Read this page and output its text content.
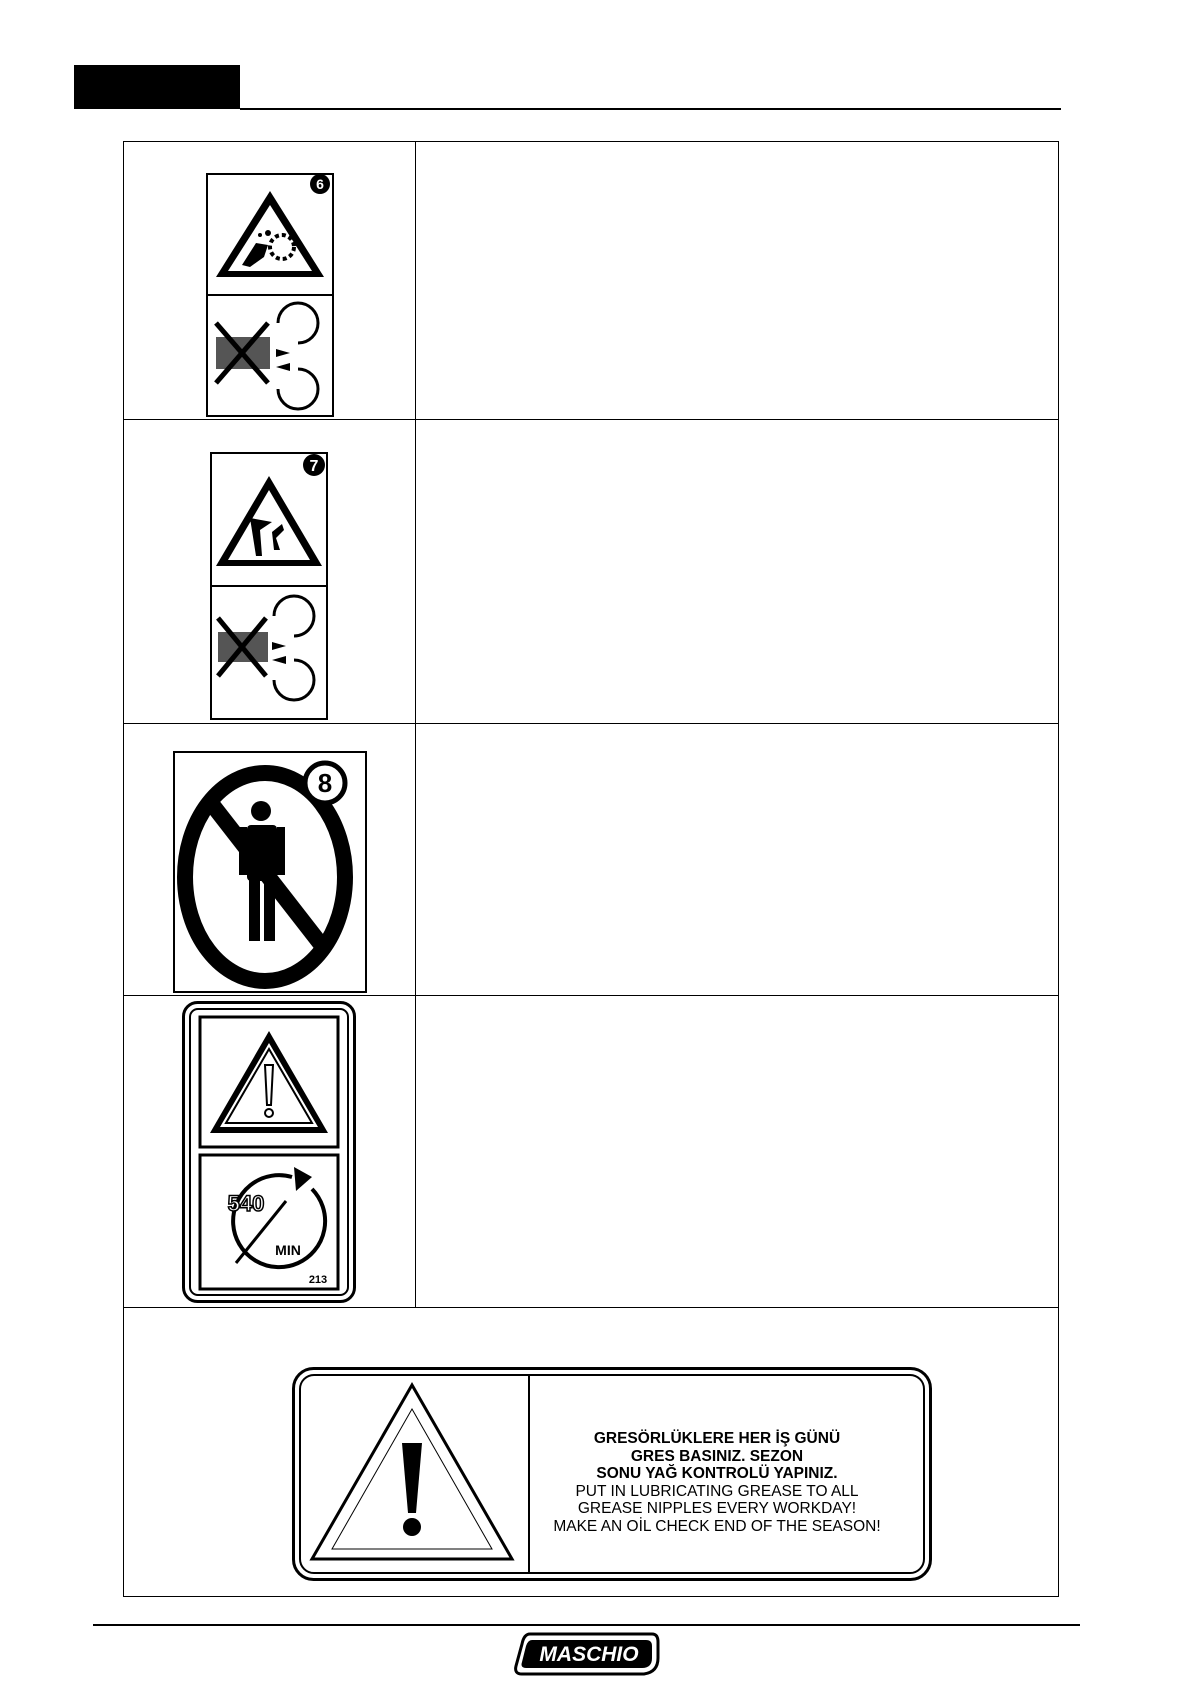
6
7
8
540
MIN
213
GRESÖRLÜKLERE HER İŞ GÜNÜ
GRES BASINIZ. SEZON
SONU YAĞ KONTROLÜ YAPINIZ.
PUT IN LUBRICATING GREASE TO ALL
GREASE NIPPLES EVERY WORKDAY!
MAKE AN OİL CHECK END OF THE SEASON!
MASCHIO
